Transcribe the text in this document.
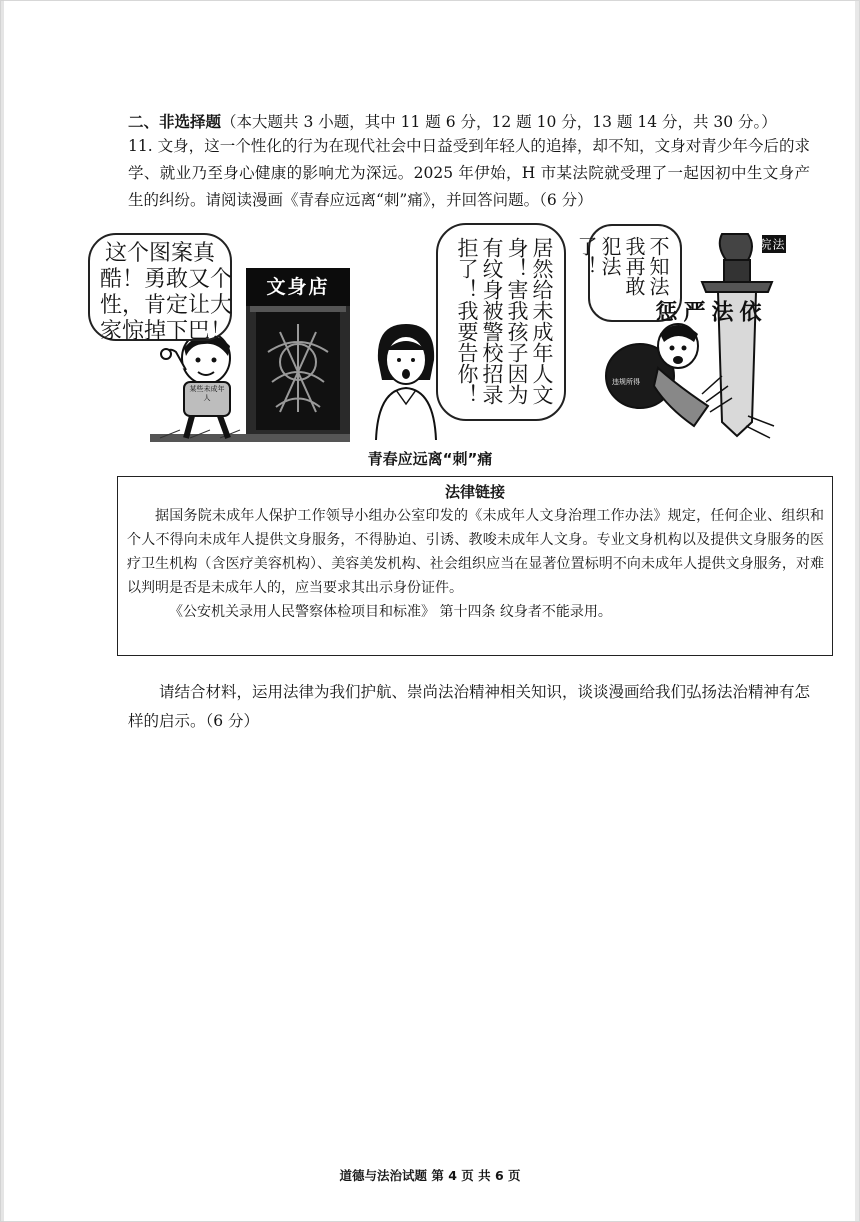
二、非选择题（本大题共 3 小题，其中 11 题 6 分，12 题 10 分，13 题 14 分，共 30 分。）
11. 文身，这一个性化的行为在现代社会中日益受到年轻人的追捧，却不知，文身对青少年今后的求学、就业乃至身心健康的影响尤为深远。2025 年伊始，H 市某法院就受理了一起因初中生文身产生的纠纷。请阅读漫画《青春应远离“刺”痛》，并回答问题。（6 分）
这个图案真
酷！勇敢又个
性，肯定让大
家惊掉下巴！
文身店
某些未成年人	居然给未成年人文身！害我孩子因为有纹身被警校招录拒了！我要告你！	不知法我再敢犯法了！	法院
依法严惩
违规所得
青春应远离“刺”痛
法律链接

据国务院未成年人保护工作领导小组办公室印发的《未成年人文身治理工作办法》规定，任何企业、组织和个人不得向未成年人提供文身服务，不得胁迫、引诱、教唆未成年人文身。专业文身机构以及提供文身服务的医疗卫生机构（含医疗美容机构）、美容美发机构、社会组织应当在显著位置标明不向未成年人提供文身服务，对难以判明是否是未成年人的，应当要求其出示身份证件。

《公安机关录用人民警察体检项目和标准》 第十四条 纹身者不能录用。

请结合材料，运用法律为我们护航、崇尚法治精神相关知识，谈谈漫画给我们弘扬法治精神有怎样的启示。（6 分）
道德与法治试题 第 4 页 共 6 页
